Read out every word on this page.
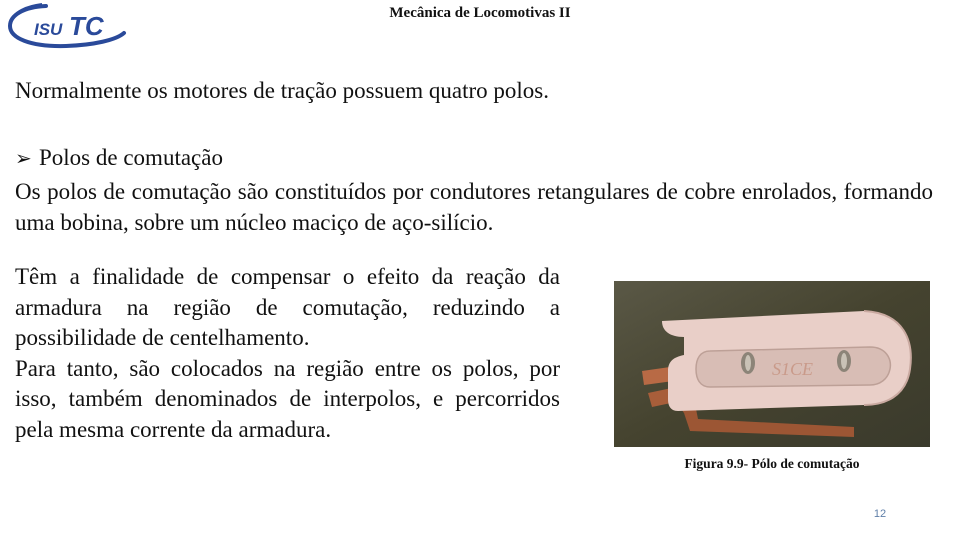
ISU TC	Mecânica de Locomotivas II
Normalmente os motores de tração possuem quatro polos.
➢ Polos de comutação
Os polos de comutação são constituídos por condutores retangulares de cobre enrolados, formando uma bobina, sobre um núcleo maciço de aço-silício.
Têm a finalidade de compensar o efeito da reação da armadura na região de comutação, reduzindo a possibilidade de centelhamento.
Para tanto, são colocados na região entre os polos, por isso, também denominados de interpolos, e percorridos pela mesma corrente da armadura.
S1CE
Figura 9.9- Pólo de comutação
12
